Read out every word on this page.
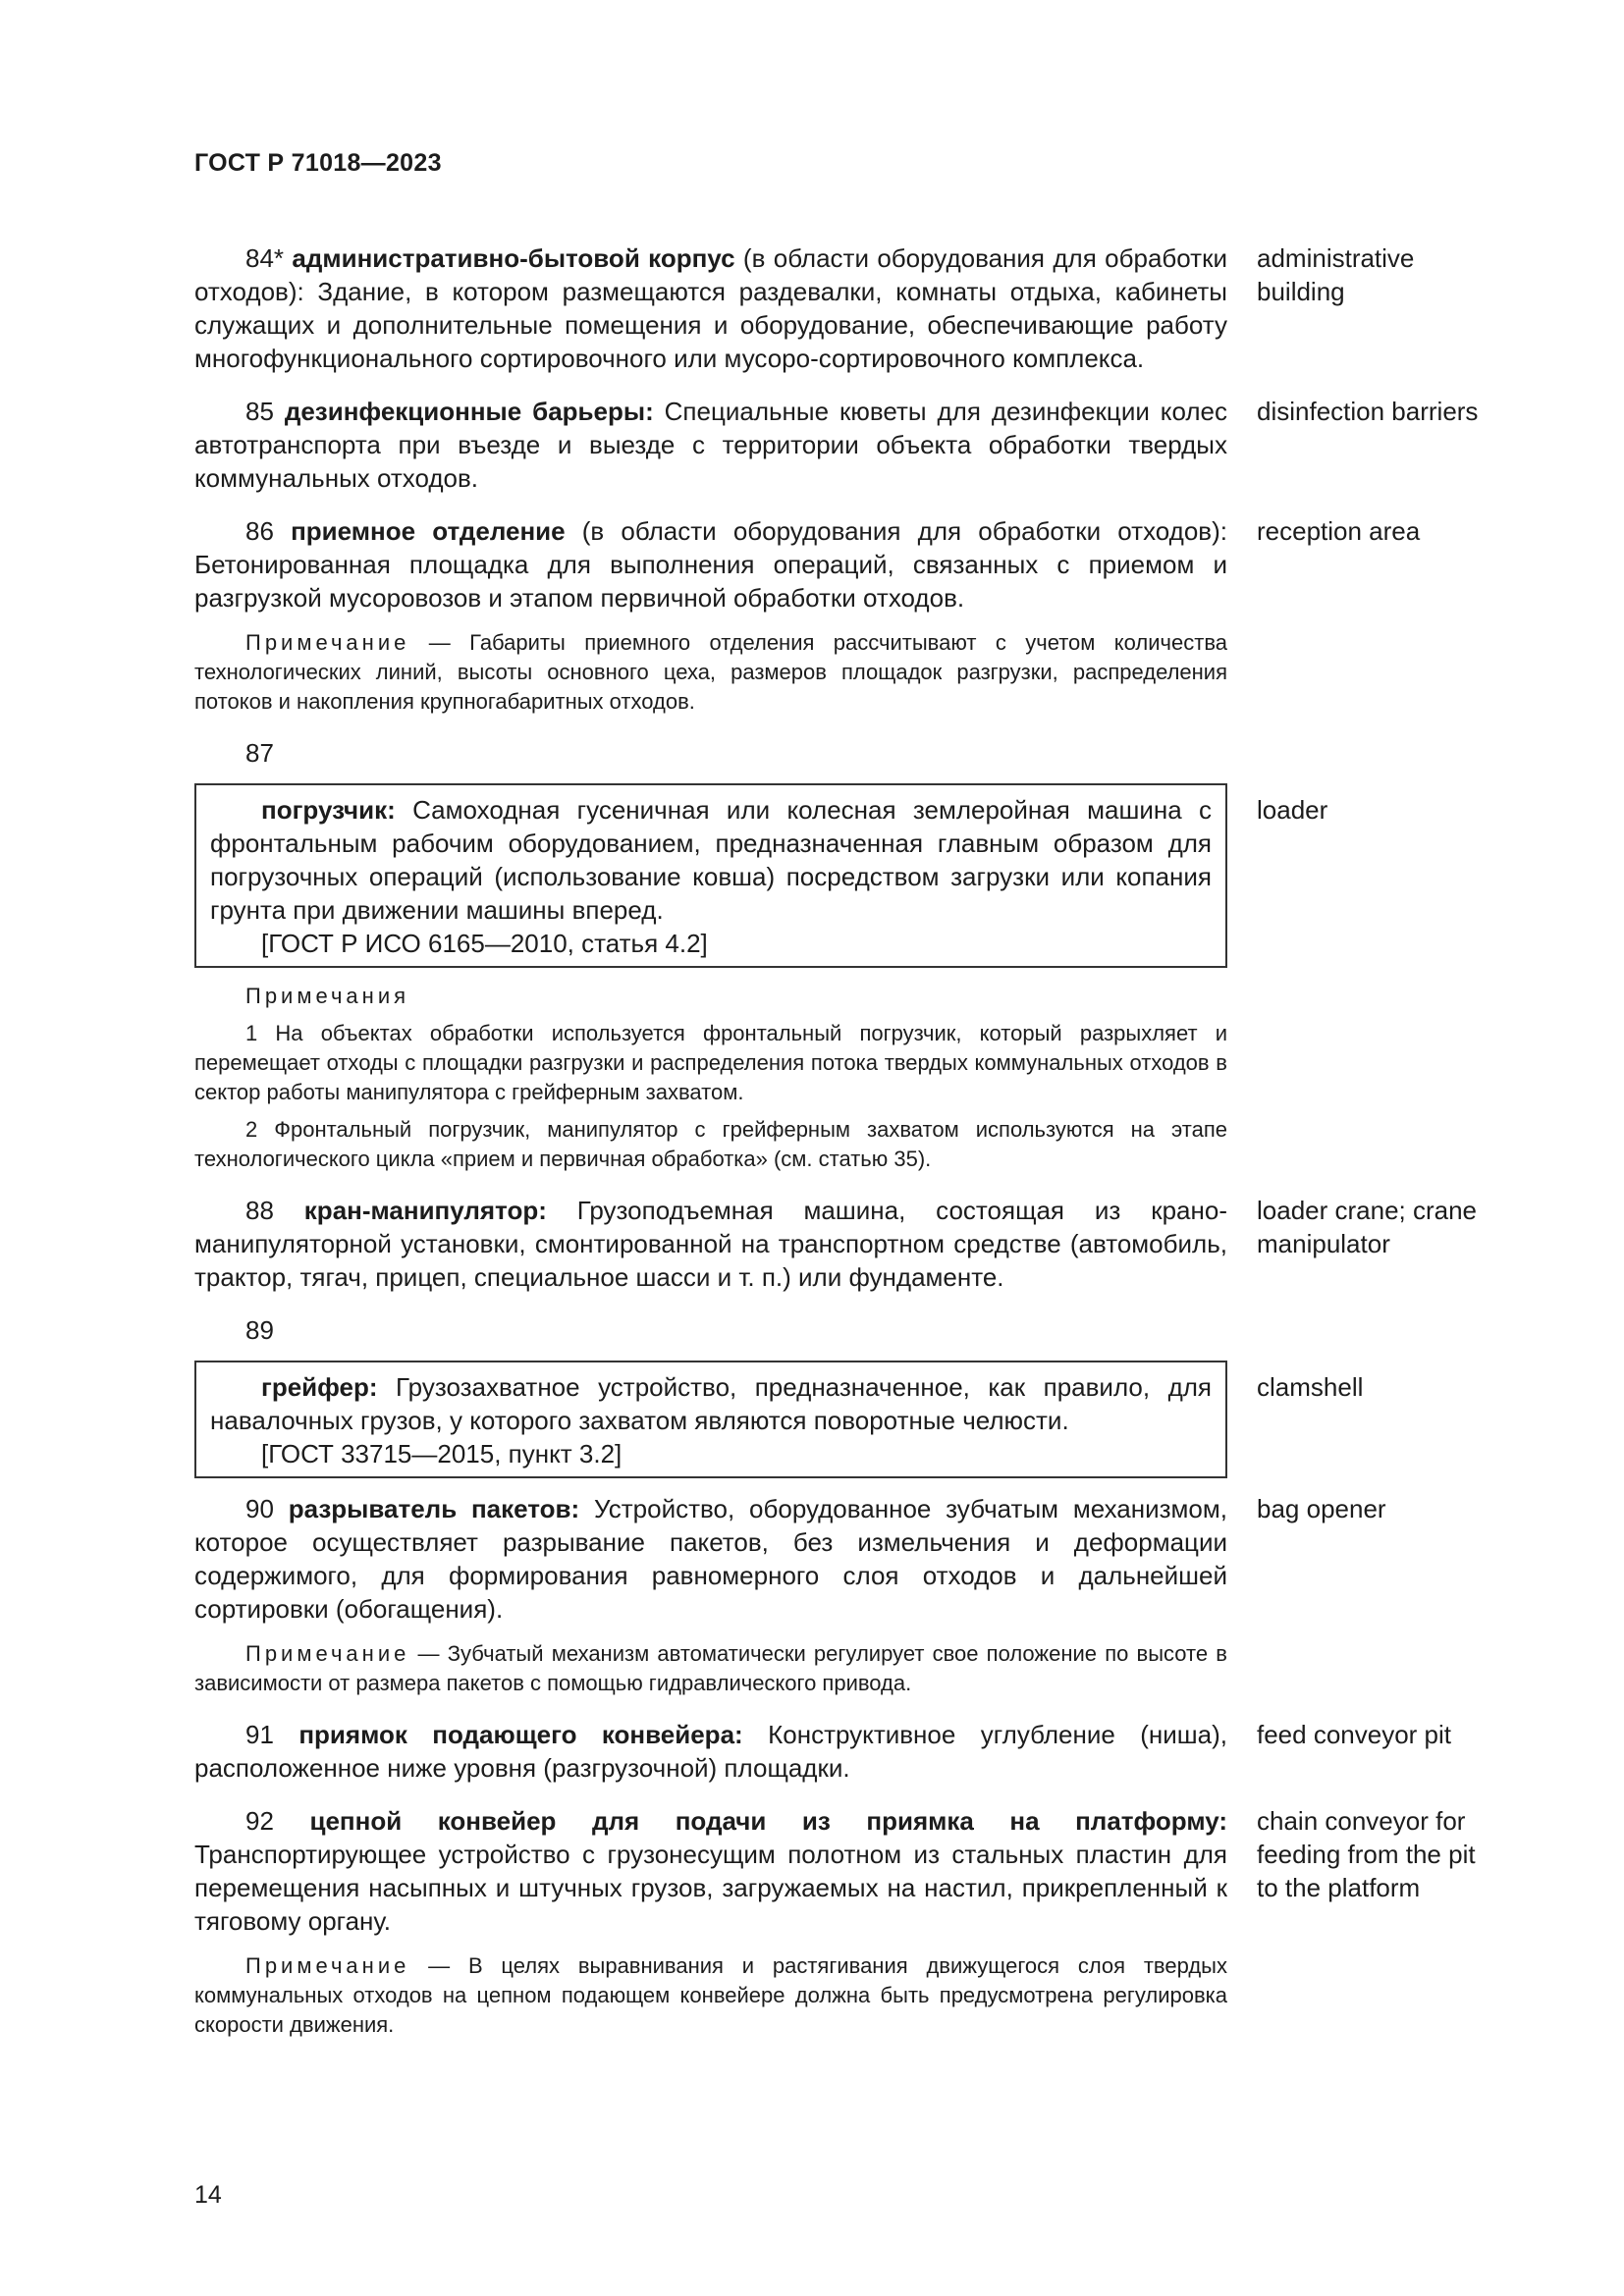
ГОСТ Р 71018—2023
84* административно-бытовой корпус (в области оборудования для обработки отходов): Здание, в котором размещаются раздевалки, комнаты отдыха, кабинеты служащих и дополнительные помещения и оборудование, обеспечивающие работу многофункционального сортировочного или мусоро-сортировочного комплекса.
administrative building
85 дезинфекционные барьеры: Специальные кюветы для дезинфекции колес автотранспорта при въезде и выезде с территории объекта обработки твердых коммунальных отходов.
disinfection barriers
86 приемное отделение (в области оборудования для обработки отходов): Бетонированная площадка для выполнения операций, связанных с приемом и разгрузкой мусоровозов и этапом первичной обработки отходов.
reception area
Примечание — Габариты приемного отделения рассчитывают с учетом количества технологических линий, высоты основного цеха, размеров площадок разгрузки, распределения потоков и накопления крупногабаритных отходов.
87
погрузчик: Самоходная гусеничная или колесная землеройная машина с фронтальным рабочим оборудованием, предназначенная главным образом для погрузочных операций (использование ковша) посредством загрузки или копания грунта при движении машины вперед.
[ГОСТ Р ИСО 6165—2010, статья 4.2]
loader
Примечания
1 На объектах обработки используется фронтальный погрузчик, который разрыхляет и перемещает отходы с площадки разгрузки и распределения потока твердых коммунальных отходов в сектор работы манипулятора с грейферным захватом.
2 Фронтальный погрузчик, манипулятор с грейферным захватом используются на этапе технологического цикла «прием и первичная обработка» (см. статью 35).
88 кран-манипулятор: Грузоподъемная машина, состоящая из краноманипуляторной установки, смонтированной на транспортном средстве (автомобиль, трактор, тягач, прицеп, специальное шасси и т. п.) или фундаменте.
loader crane; crane manipulator
89
грейфер: Грузозахватное устройство, предназначенное, как правило, для навалочных грузов, у которого захватом являются поворотные челюсти.
[ГОСТ 33715—2015, пункт 3.2]
clamshell
90 разрыватель пакетов: Устройство, оборудованное зубчатым механизмом, которое осуществляет разрывание пакетов, без измельчения и деформации содержимого, для формирования равномерного слоя отходов и дальнейшей сортировки (обогащения).
bag opener
Примечание — Зубчатый механизм автоматически регулирует свое положение по высоте в зависимости от размера пакетов с помощью гидравлического привода.
91 приямок подающего конвейера: Конструктивное углубление (ниша), расположенное ниже уровня (разгрузочной) площадки.
feed conveyor pit
92 цепной конвейер для подачи из приямка на платформу: Транспортирующее устройство с грузонесущим полотном из стальных пластин для перемещения насыпных и штучных грузов, загружаемых на настил, прикрепленный к тяговому органу.
chain conveyor for feeding from the pit to the platform
Примечание — В целях выравнивания и растягивания движущегося слоя твердых коммунальных отходов на цепном подающем конвейере должна быть предусмотрена регулировка скорости движения.
14
